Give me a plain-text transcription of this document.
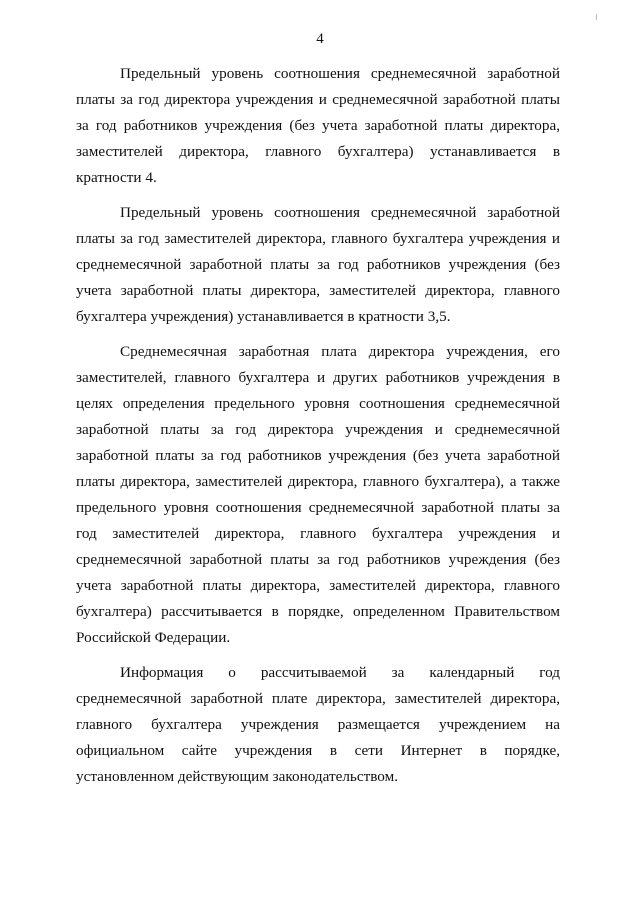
4

Предельный уровень соотношения среднемесячной заработной платы за год директора учреждения и среднемесячной заработной платы за год работников учреждения (без учета заработной платы директора, заместителей директора, главного бухгалтера) устанавливается в кратности 4.

Предельный уровень соотношения среднемесячной заработной платы за год заместителей директора, главного бухгалтера учреждения и среднемесячной заработной платы за год работников учреждения (без учета заработной платы директора, заместителей директора, главного бухгалтера учреждения) устанавливается в кратности 3,5.

Среднемесячная заработная плата директора учреждения, его заместителей, главного бухгалтера и других работников учреждения в целях определения предельного уровня соотношения среднемесячной заработной платы за год директора учреждения и среднемесячной заработной платы за год работников учреждения (без учета заработной платы директора, заместителей директора, главного бухгалтера), а также предельного уровня соотношения среднемесячной заработной платы за год заместителей директора, главного бухгалтера учреждения и среднемесячной заработной платы за год работников учреждения (без учета заработной платы директора, заместителей директора, главного бухгалтера) рассчитывается в порядке, определенном Правительством Российской Федерации.

Информация о рассчитываемой за календарный год среднемесячной заработной плате директора, заместителей директора, главного бухгалтера учреждения размещается учреждением на официальном сайте учреждения в сети Интернет в порядке, установленном действующим законодательством.
